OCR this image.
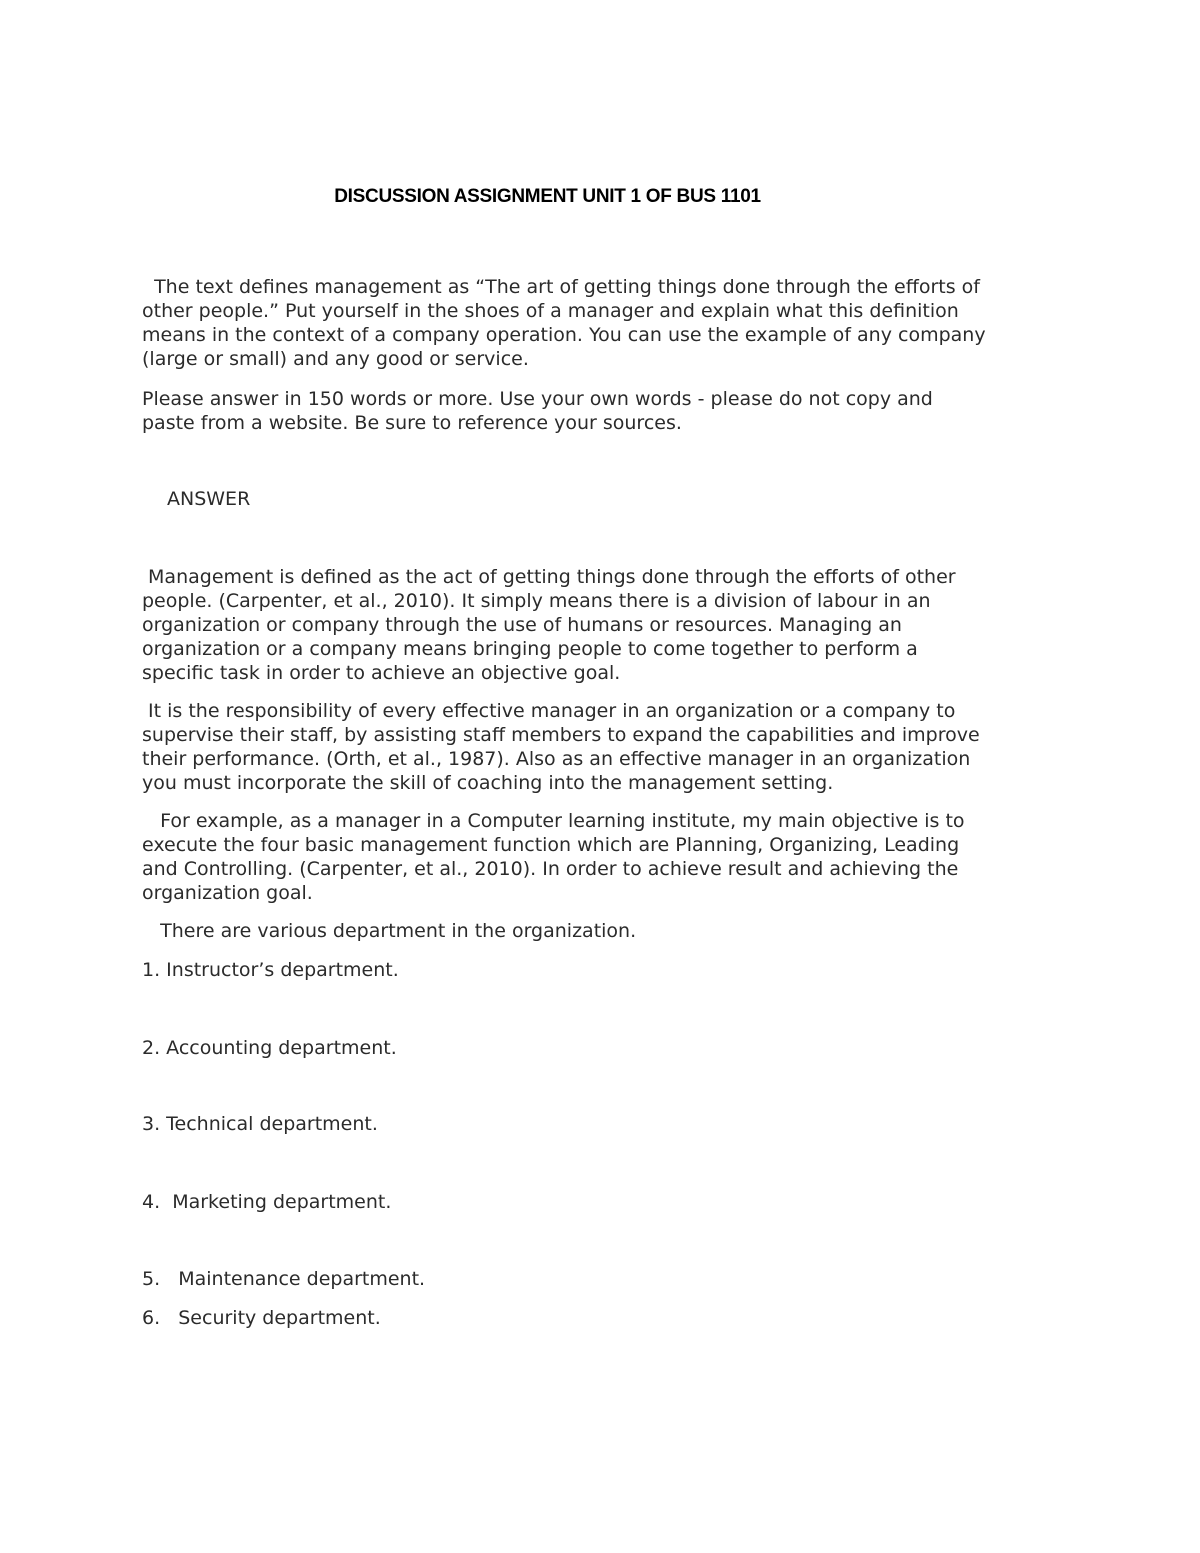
DISCUSSION ASSIGNMENT UNIT 1 OF BUS 1101

The text defines management as “The art of getting things done through the efforts of
other people.” Put yourself in the shoes of a manager and explain what this definition
means in the context of a company operation. You can use the example of any company
(large or small) and any good or service.

Please answer in 150 words or more. Use your own words - please do not copy and
paste from a website. Be sure to reference your sources.

ANSWER

Management is defined as the act of getting things done through the efforts of other
people. (Carpenter, et al., 2010). It simply means there is a division of labour in an
organization or company through the use of humans or resources. Managing an
organization or a company means bringing people to come together to perform a
specific task in order to achieve an objective goal.

It is the responsibility of every effective manager in an organization or a company to
supervise their staff, by assisting staff members to expand the capabilities and improve
their performance. (Orth, et al., 1987). Also as an effective manager in an organization
you must incorporate the skill of coaching into the management setting.

For example, as a manager in a Computer learning institute, my main objective is to
execute the four basic management function which are Planning, Organizing, Leading
and Controlling. (Carpenter, et al., 2010). In order to achieve result and achieving the
organization goal.

There are various department in the organization.

1. Instructor’s department.

2. Accounting department.

3. Technical department.

4.  Marketing department.

5.   Maintenance department.

6.   Security department.
